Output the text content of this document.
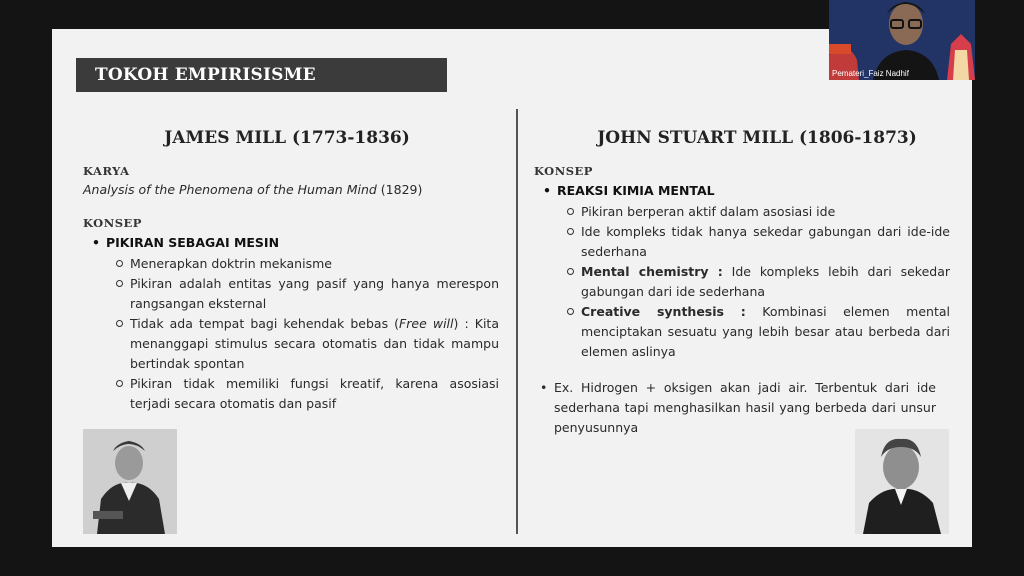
TOKOH EMPIRISISME
JAMES MILL (1773-1836)
KARYA
Analysis of the Phenomena of the Human Mind (1829)
KONSEP
• PIKIRAN SEBAGAI MESIN
Menerapkan doktrin mekanisme
Pikiran adalah entitas yang pasif yang hanya merespon rangsangan eksternal
Tidak ada tempat bagi kehendak bebas (Free will) : Kita menanggapi stimulus secara otomatis dan tidak mampu bertindak spontan
Pikiran tidak memiliki fungsi kreatif, karena asosiasi terjadi secara otomatis dan pasif
JOHN STUART MILL (1806-1873)
KONSEP
• REAKSI KIMIA MENTAL
Pikiran berperan aktif dalam asosiasi ide
Ide kompleks tidak hanya sekedar gabungan dari ide-ide sederhana
Mental chemistry : Ide kompleks lebih dari sekedar gabungan dari ide sederhana
Creative synthesis : Kombinasi elemen mental menciptakan sesuatu yang lebih besar atau berbeda dari elemen aslinya
• Ex. Hidrogen + oksigen akan jadi air. Terbentuk dari ide sederhana tapi menghasilkan hasil yang berbeda dari unsur penyusunnya
Pemateri_Faiz Nadhif
